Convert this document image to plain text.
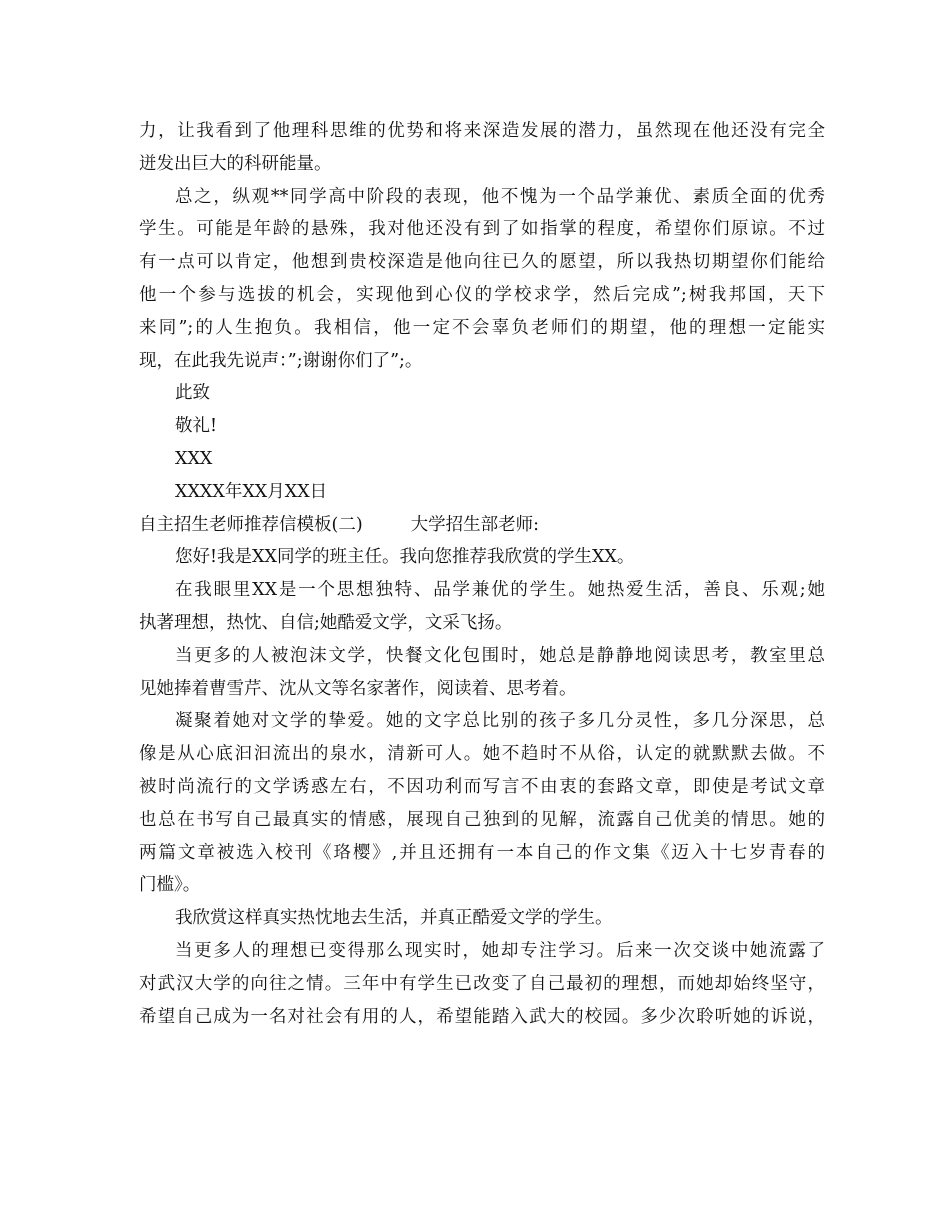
力，让我看到了他理科思维的优势和将来深造发展的潜力，虽然现在他还没有完全
迸发出巨大的科研能量。
总之，纵观**同学高中阶段的表现，他不愧为一个品学兼优、素质全面的优秀
学生。可能是年龄的悬殊，我对他还没有到了如指掌的程度，希望你们原谅。不过
有一点可以肯定，他想到贵校深造是他向往已久的愿望，所以我热切期望你们能给
他一个参与选拔的机会，实现他到心仪的学校求学，然后完成”;树我邦国，天下
来同”;的人生抱负。我相信，他一定不会辜负老师们的期望，他的理想一定能实
现，在此我先说声：”;谢谢你们了”;。
此致
敬礼!
XXX
XXXX年XX月XX日
自主招生老师推荐信模板(二)	大学招生部老师:
您好!我是XX同学的班主任。我向您推荐我欣赏的学生XX。
在我眼里XX是一个思想独特、品学兼优的学生。她热爱生活，善良、乐观;她
执著理想，热忱、自信;她酷爱文学，文采飞扬。
当更多的人被泡沫文学，快餐文化包围时，她总是静静地阅读思考，教室里总
见她捧着曹雪芹、沈从文等名家著作，阅读着、思考着。
凝聚着她对文学的挚爱。她的文字总比别的孩子多几分灵性，多几分深思，总
像是从心底汩汩流出的泉水，清新可人。她不趋时不从俗，认定的就默默去做。不
被时尚流行的文学诱惑左右，不因功利而写言不由衷的套路文章，即使是考试文章
也总在书写自己最真实的情感，展现自己独到的见解，流露自己优美的情思。她的
两篇文章被选入校刊《珞樱》,并且还拥有一本自己的作文集《迈入十七岁青春的
门槛》。
我欣赏这样真实热忱地去生活，并真正酷爱文学的学生。
当更多人的理想已变得那么现实时，她却专注学习。后来一次交谈中她流露了
对武汉大学的向往之情。三年中有学生已改变了自己最初的理想，而她却始终坚守，
希望自己成为一名对社会有用的人，希望能踏入武大的校园。多少次聆听她的诉说，
